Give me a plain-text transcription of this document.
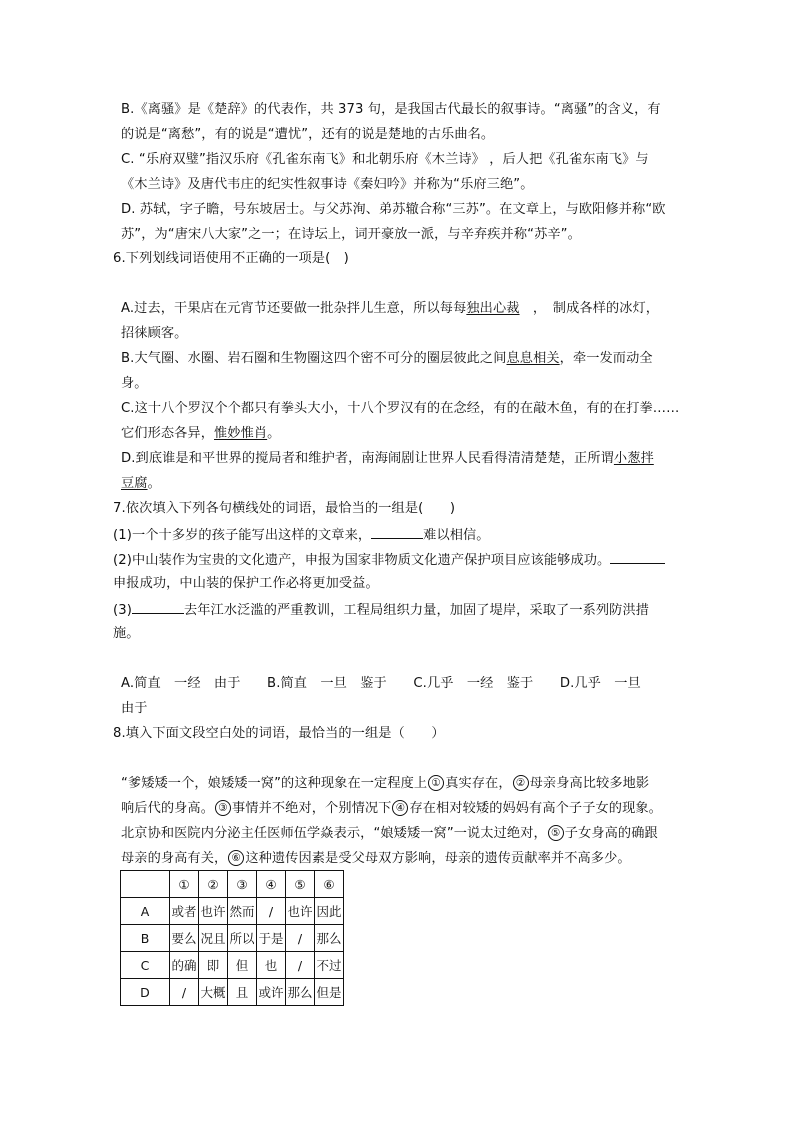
B.《离骚》是《楚辞》的代表作，共 373 句，是我国古代最长的叙事诗。“离骚”的含义，有
的说是“离愁”，有的说是“遭忧”，还有的说是楚地的古乐曲名。
C. “乐府双璧”指汉乐府《孔雀东南飞》和北朝乐府《木兰诗》 ，后人把《孔雀东南飞》与
《木兰诗》及唐代韦庄的纪实性叙事诗《秦妇吟》并称为“乐府三绝”。
D. 苏轼，字子瞻，号东坡居士。与父苏洵、弟苏辙合称“三苏”。在文章上，与欧阳修并称“欧
苏”，为“唐宋八大家”之一；在诗坛上，词开豪放一派，与辛弃疾并称“苏辛”。
6.下列划线词语使用不正确的一项是(　)
A.过去，干果店在元宵节还要做一批杂拌儿生意，所以每每独出心裁　，　制成各样的冰灯，
招徕顾客。
B.大气圈、水圈、岩石圈和生物圈这四个密不可分的圈层彼此之间息息相关，牵一发而动全
身。
C.这十八个罗汉个个都只有拳头大小，十八个罗汉有的在念经，有的在敲木鱼，有的在打拳……
它们形态各异，惟妙惟肖。
D.到底谁是和平世界的搅局者和维护者，南海闹剧让世界人民看得清清楚楚，正所谓小葱拌
豆腐。
7.依次填入下列各句横线处的词语，最恰当的一组是(　　)
(1)一个十多岁的孩子能写出这样的文章来，	难以相信。
(2)中山装作为宝贵的文化遗产，申报为国家非物质文化遗产保护项目应该能够成功。
申报成功，中山装的保护工作必将更加受益。
(3)	去年江水泛滥的严重教训，工程局组织力量，加固了堤岸，采取了一系列防洪措
施。
A.简直　一经　由于　　B.简直　一旦　鉴于　　C.几乎　一经　鉴于　　D.几乎　一旦
由于
8.填入下面文段空白处的词语，最恰当的一组是（　　）
“爹矮矮一个，娘矮矮一窝”的这种现象在一定程度上 ① 真实存在， ② 母亲身高比较多地影
响后代的身高。 ③ 事情并不绝对，个别情况下 ④ 存在相对较矮的妈妈有高个子子女的现象。
北京协和医院内分泌主任医师伍学焱表示，“娘矮矮一窝”一说太过绝对， ⑤ 子女身高的确跟
母亲的身高有关， ⑥ 这种遗传因素是受父母双方影响，母亲的遗传贡献率并不高多少。
	①	②	③	④	⑤	⑥
A	或者	也许	然而	/	也许	因此
B	要么	况且	所以	于是	/	那么
C	的确	即	但	也	/	不过
D	/	大概	且	或许	那么	但是
